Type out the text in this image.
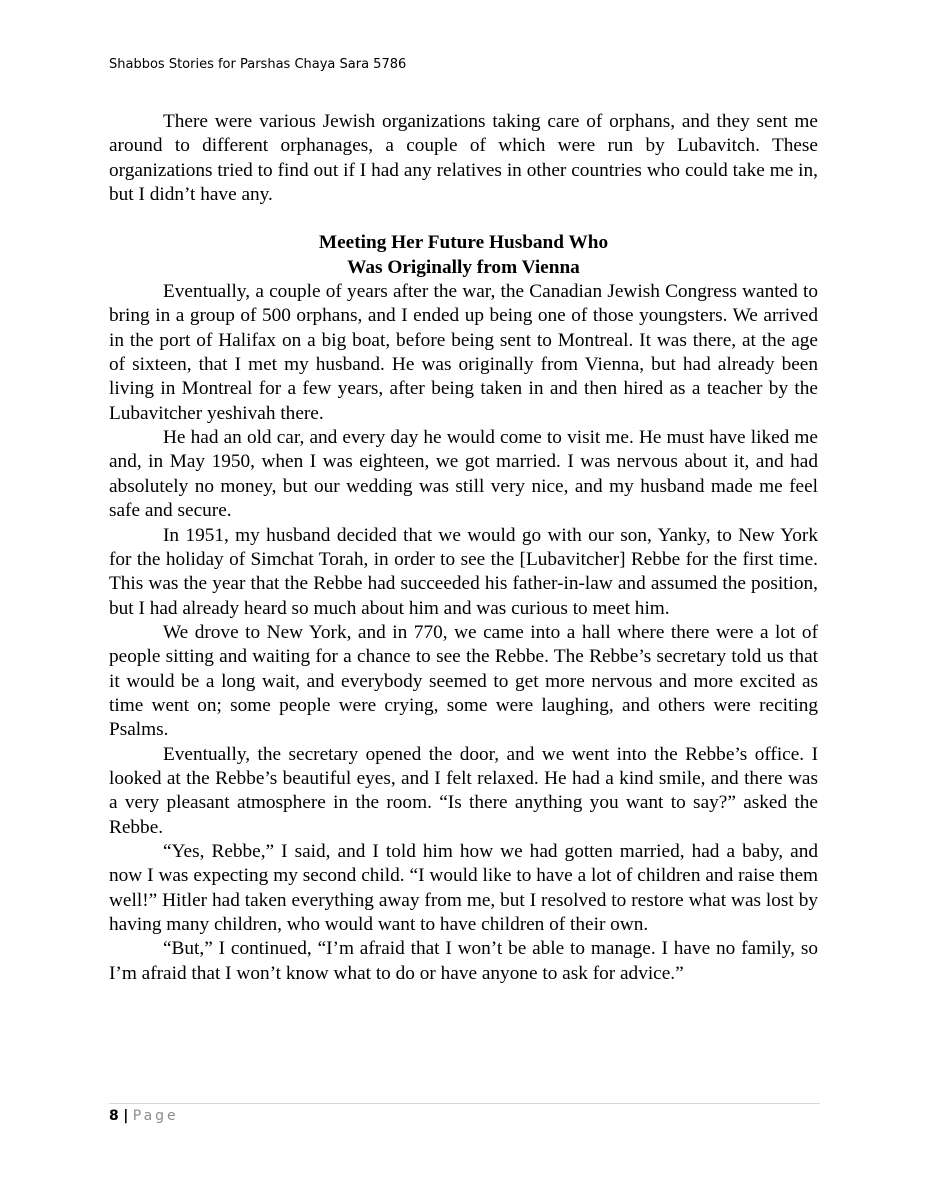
Shabbos Stories for Parshas Chaya Sara 5786

There were various Jewish organizations taking care of orphans, and they sent me around to different orphanages, a couple of which were run by Lubavitch. These organizations tried to find out if I had any relatives in other countries who could take me in, but I didn’t have any.

Meeting Her Future Husband Who
Was Originally from Vienna

Eventually, a couple of years after the war, the Canadian Jewish Congress wanted to bring in a group of 500 orphans, and I ended up being one of those youngsters. We arrived in the port of Halifax on a big boat, before being sent to Montreal. It was there, at the age of sixteen, that I met my husband. He was originally from Vienna, but had already been living in Montreal for a few years, after being taken in and then hired as a teacher by the Lubavitcher yeshivah there.

He had an old car, and every day he would come to visit me. He must have liked me and, in May 1950, when I was eighteen, we got married. I was nervous about it, and had absolutely no money, but our wedding was still very nice, and my husband made me feel safe and secure.

In 1951, my husband decided that we would go with our son, Yanky, to New York for the holiday of Simchat Torah, in order to see the [Lubavitcher] Rebbe for the first time. This was the year that the Rebbe had succeeded his father-in-law and assumed the position, but I had already heard so much about him and was curious to meet him.

We drove to New York, and in 770, we came into a hall where there were a lot of people sitting and waiting for a chance to see the Rebbe. The Rebbe’s secretary told us that it would be a long wait, and everybody seemed to get more nervous and more excited as time went on; some people were crying, some were laughing, and others were reciting Psalms.

Eventually, the secretary opened the door, and we went into the Rebbe’s office. I looked at the Rebbe’s beautiful eyes, and I felt relaxed. He had a kind smile, and there was a very pleasant atmosphere in the room. “Is there anything you want to say?” asked the Rebbe.

“Yes, Rebbe,” I said, and I told him how we had gotten married, had a baby, and now I was expecting my second child. “I would like to have a lot of children and raise them well!” Hitler had taken everything away from me, but I resolved to restore what was lost by having many children, who would want to have children of their own.

“But,” I continued, “I’m afraid that I won’t be able to manage. I have no family, so I’m afraid that I won’t know what to do or have anyone to ask for advice.”

8 | Page
